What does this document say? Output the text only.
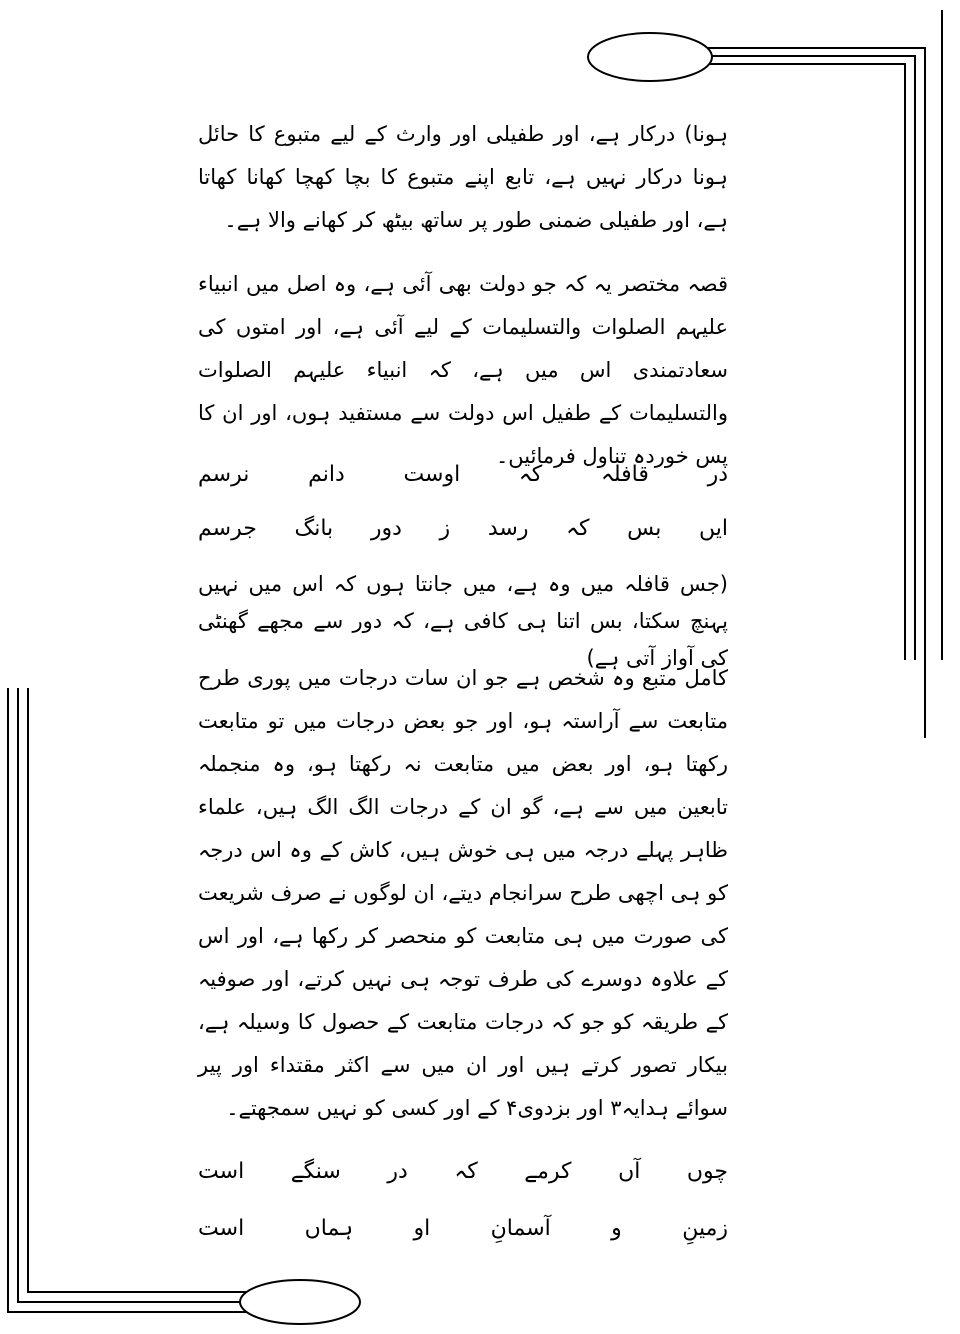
ہونا) درکار ہے، اور طفیلی اور وارث کے لیے متبوع کا حائل ہونا درکار نہیں ہے، تابع اپنے متبوع کا بچا کھچا کھانا کھاتا ہے، اور طفیلی ضمنی طور پر ساتھ بیٹھ کر کھانے والا ہے۔

قصہ مختصر یہ کہ جو دولت بھی آئی ہے، وہ اصل میں انبیاء علیہم الصلوات والتسلیمات کے لیے آئی ہے، اور امتوں کی سعادتمندی اس میں ہے، کہ انبیاء علیہم الصلوات والتسلیمات کے طفیل اس دولت سے مستفید ہوں، اور ان کا پس خوردہ تناول فرمائیں۔

در
قافلہ
کہ
اوست
دانم
نرسم
ایں
بس
کہ
رسد
ز
دور
بانگ
جرسم

(جس قافلہ میں وہ ہے، میں جانتا ہوں کہ اس میں نہیں پہنچ سکتا، بس اتنا ہی کافی ہے، کہ دور سے مجھے گھنٹی کی آواز آتی ہے)

کامل متبع وہ شخص ہے جو ان سات درجات میں پوری طرح متابعت سے آراستہ ہو، اور جو بعض درجات میں تو متابعت رکھتا ہو، اور بعض میں متابعت نہ رکھتا ہو، وہ منجملہ تابعین میں سے ہے، گو ان کے درجات الگ الگ ہیں، علماء ظاہر پہلے درجہ میں ہی خوش ہیں، کاش کے وہ اس درجہ کو ہی اچھی طرح سرانجام دیتے، ان لوگوں نے صرف شریعت کی صورت میں ہی متابعت کو منحصر کر رکھا ہے، اور اس کے علاوہ دوسرے کی طرف توجہ ہی نہیں کرتے، اور صوفیہ کے طریقہ کو جو کہ درجات متابعت کے حصول کا وسیلہ ہے، بیکار تصور کرتے ہیں اور ان میں سے اکثر مقتداء اور پیر سوائے ہدایہ۳ اور بزدوی۴ کے اور کسی کو نہیں سمجھتے۔

چوں
آں
کرمے
کہ
در
سنگے
است
زمینِ
و
آسمانِ
او
ہماں
است
